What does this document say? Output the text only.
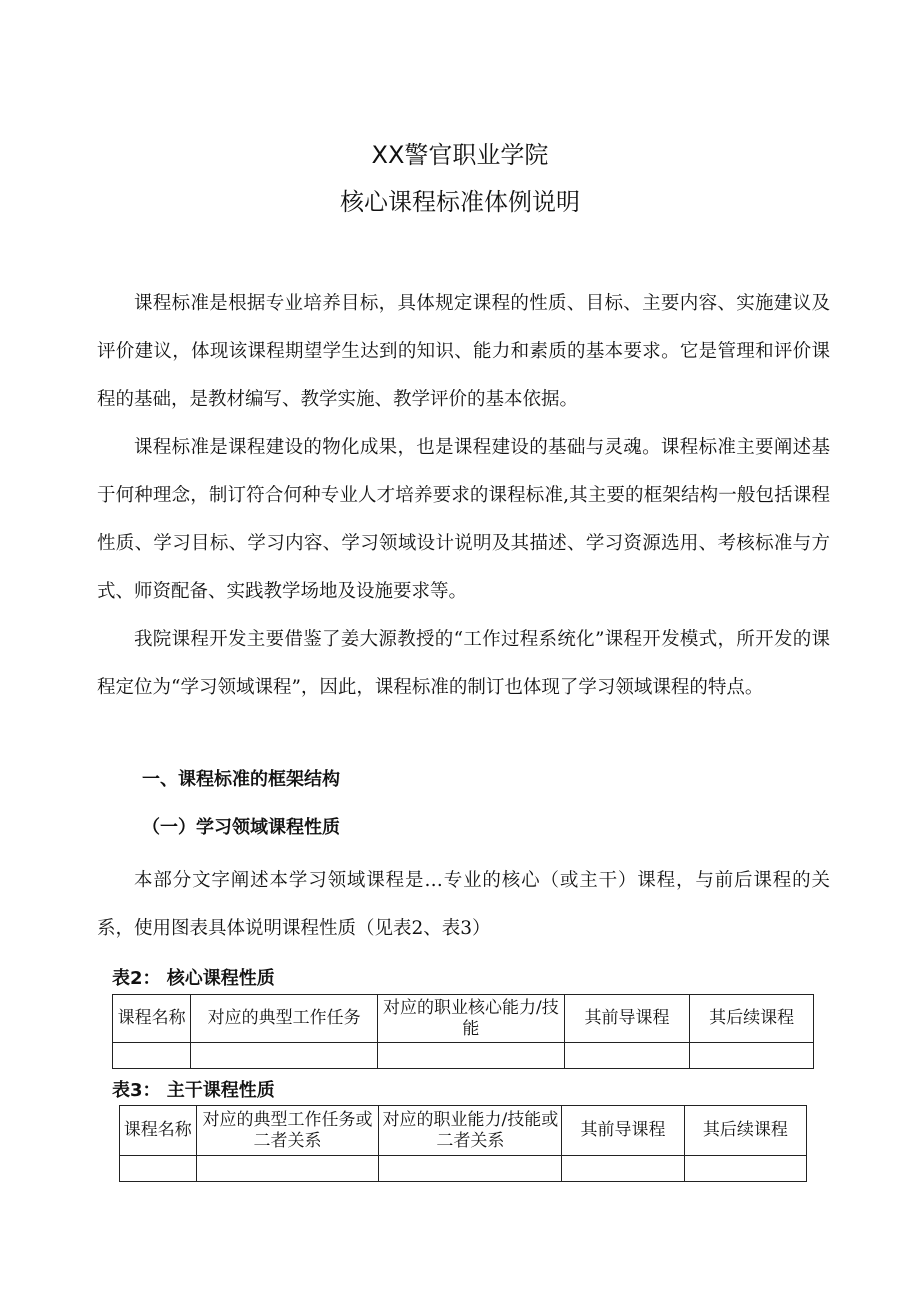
XX警官职业学院
核心课程标准体例说明

课程标准是根据专业培养目标，具体规定课程的性质、目标、主要内容、实施建议及评价建议，体现该课程期望学生达到的知识、能力和素质的基本要求。它是管理和评价课程的基础，是教材编写、教学实施、教学评价的基本依据。

课程标准是课程建设的物化成果，也是课程建设的基础与灵魂。课程标准主要阐述基于何种理念，制订符合何种专业人才培养要求的课程标准,其主要的框架结构一般包括课程性质、学习目标、学习内容、学习领域设计说明及其描述、学习资源选用、考核标准与方式、师资配备、实践教学场地及设施要求等。

我院课程开发主要借鉴了姜大源教授的“工作过程系统化”课程开发模式，所开发的课程定位为“学习领域课程”，因此，课程标准的制订也体现了学习领域课程的特点。

一、课程标准的框架结构
（一）学习领域课程性质

本部分文字阐述本学习领域课程是…专业的核心（或主干）课程，与前后课程的关系，使用图表具体说明课程性质（见表2、表3）

表2： 核心课程性质
课程名称	对应的典型工作任务	对应的职业核心能力/技能	其前导课程	其后续课程

表3： 主干课程性质
课程名称	对应的典型工作任务或二者关系	对应的职业能力/技能或二者关系	其前导课程	其后续课程
